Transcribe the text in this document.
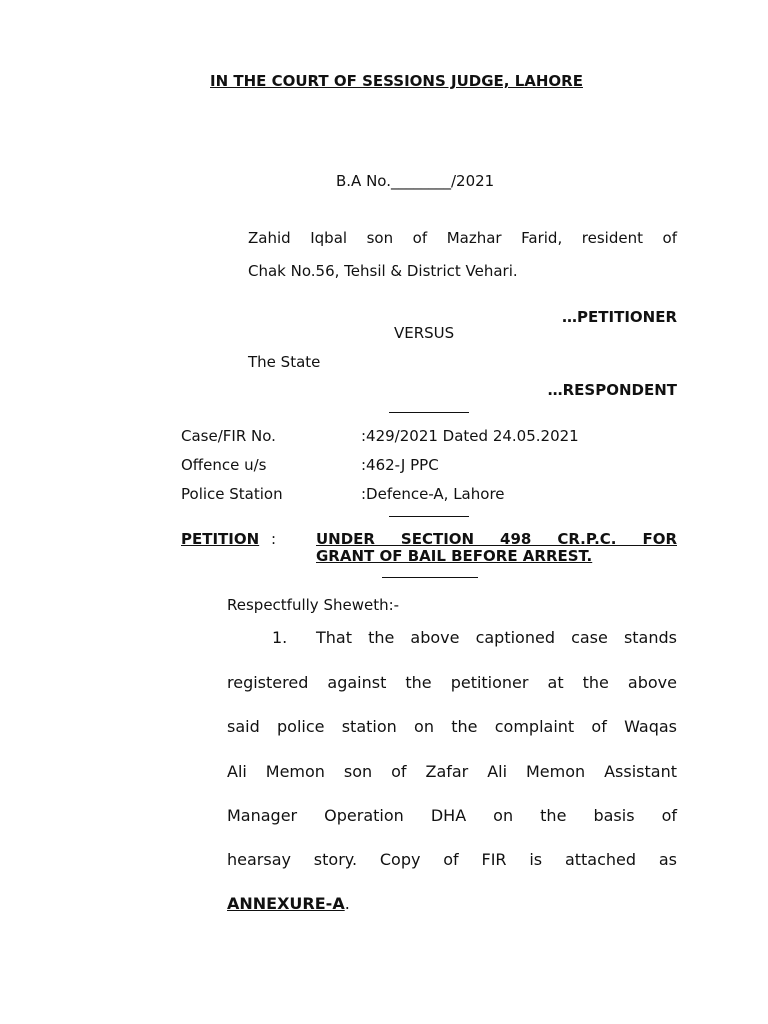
IN THE COURT OF SESSIONS JUDGE, LAHORE
B.A No.________/2021
Zahid Iqbal son of Mazhar Farid, resident of
Chak No.56, Tehsil & District Vehari.
…PETITIONER
VERSUS
The State
…RESPONDENT
Case/FIR No.	:429/2021 Dated 24.05.2021
Offence u/s	:462-J PPC
Police Station	:Defence-A, Lahore
PETITION :	UNDER SECTION 498 CR.P.C. FOR
GRANT OF BAIL BEFORE ARREST.
Respectfully Sheweth:-
1. That the above captioned case stands
registered against the petitioner at the above
said police station on the complaint of Waqas
Ali Memon son of Zafar Ali Memon Assistant
Manager Operation DHA on the basis of
hearsay story. Copy of FIR is attached as
ANNEXURE-A.
